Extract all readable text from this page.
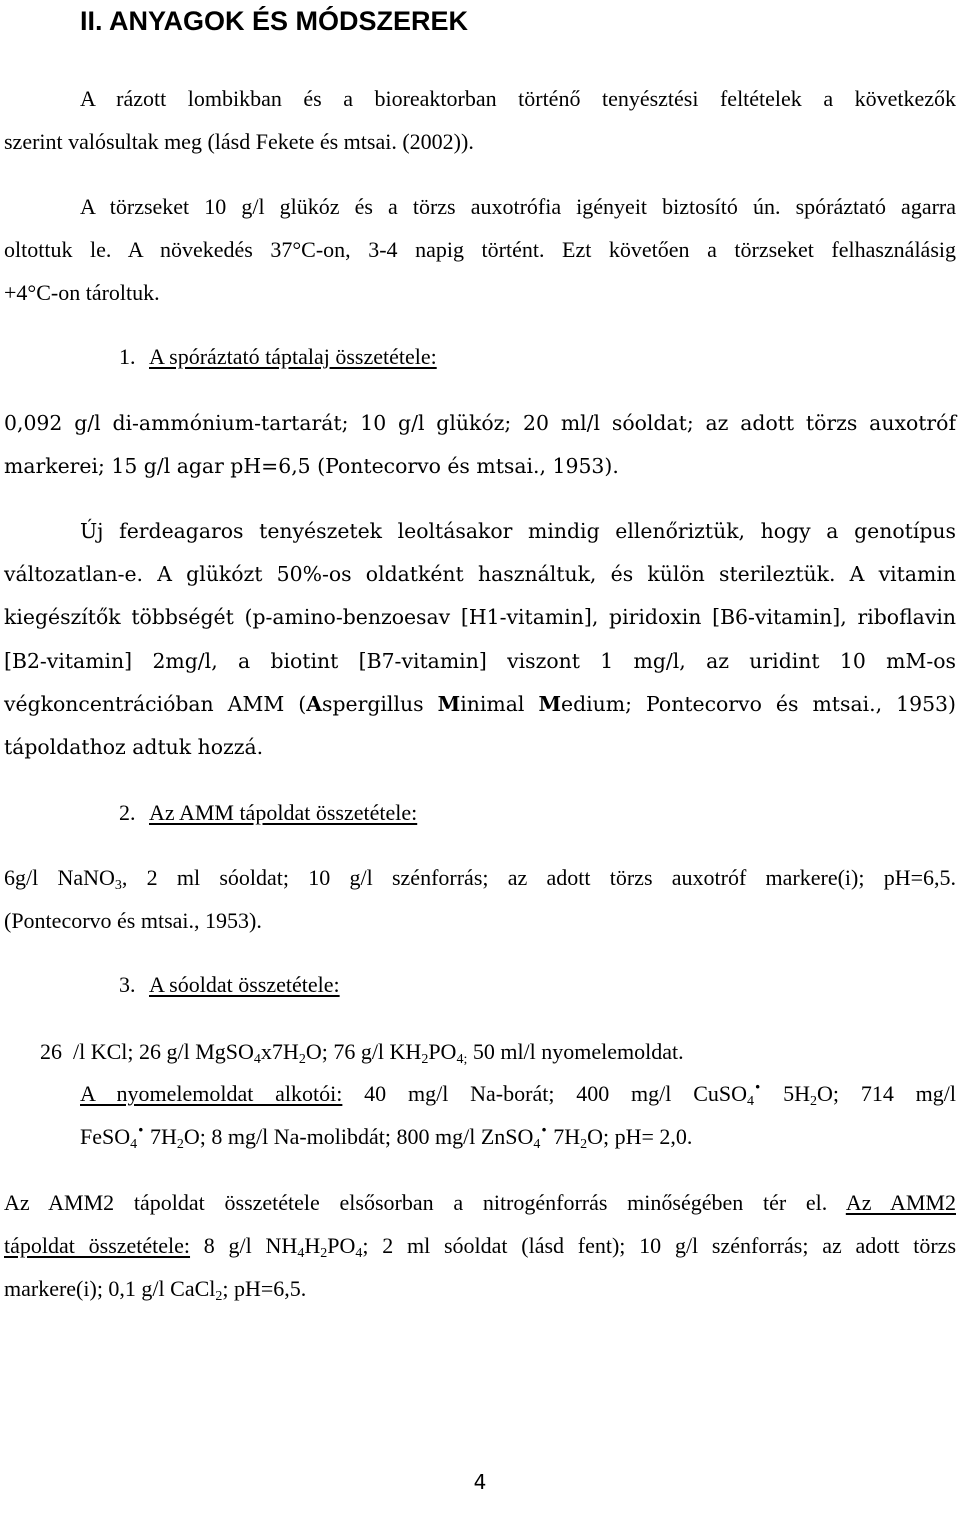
II. ANYAGOK ÉS MÓDSZEREK
A rázott lombikban és a bioreaktorban történő tenyésztési feltételek a következők
szerint valósultak meg (lásd Fekete és mtsai. (2002)).
A törzseket 10 g/l glükóz és a törzs auxotrófia igényeit biztosító ún. spóráztató agarra
oltottuk le. A növekedés 37°C-on, 3-4 napig történt. Ezt követően a törzseket felhasználásig
+4°C-on tároltuk.
1. A spóráztató táptalaj összetétele:
0,092 g/l di-ammónium-tartarát; 10 g/l glükóz; 20 ml/l sóoldat; az adott törzs auxotróf
markerei; 15 g/l agar pH=6,5 (Pontecorvo és mtsai., 1953).
Új ferdeagaros tenyészetek leoltásakor mindig ellenőriztük, hogy a genotípus
változatlan-e. A glükózt 50%-os oldatként használtuk, és külön sterileztük. A vitamin
kiegészítők többségét (p-amino-benzoesav [H1-vitamin], piridoxin [B6-vitamin], riboflavin
[B2-vitamin] 2mg/l, a biotint [B7-vitamin] viszont 1 mg/l, az uridint 10 mM-os
végkoncentrációban AMM (Aspergillus Minimal Medium; Pontecorvo és mtsai., 1953)
tápoldathoz adtuk hozzá.
2. Az AMM tápoldat összetétele:
6g/l NaNO$_3$, 2 ml sóoldat; 10 g/l szénforrás; az adott törzs auxotróf markere(i); pH=6,5.
(Pontecorvo és mtsai., 1953).
3. A sóoldat összetétele:
26  /l KCl; 26 g/l $MgSO_4x7H_2O$; 76 g/l $KH_2PO_{4;}$ 50 ml/l nyomelemoldat.
A nyomelemoldat alkotói: 40 mg/l Na-borát; 400 mg/l CuSO$_4$· $5H_2O$; 714 mg/l
FeSO$_4$· $7H_2O$; 8 mg/l Na-molibdát; 800 mg/l ZnSO$_4$· $7H_2O$; pH= 2,0.
Az AMM2 tápoldat összetétele elsősorban a nitrogénforrás minőségében tér el. Az AMM2
tápoldat összetétele: 8 g/l $NH_4H_2PO_4$; 2 ml sóoldat (lásd fent); 10 g/l szénforrás; az adott törzs
markere(i); 0,1 g/l CaCl$_2$; pH=6,5.
4
